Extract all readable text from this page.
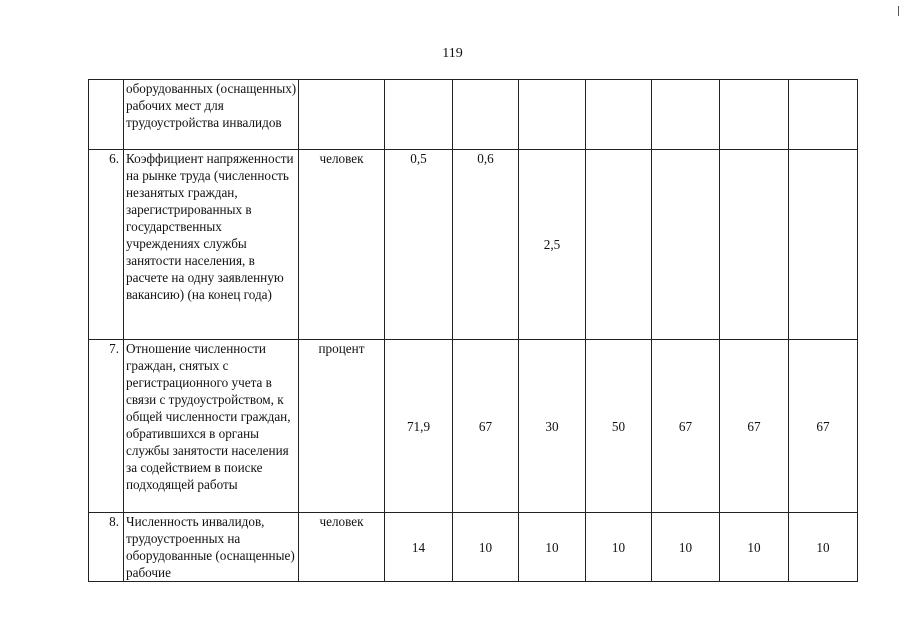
119
	оборудованных (оснащенных) рабочих мест для трудоустройства инвалидов								
6.	Коэффициент напряженности на рынке труда (численность незанятых граждан, зарегистрированных в государственных учреждениях службы занятости населения, в расчете на одну заявленную вакансию) (на конец года)	человек	0,5	0,6	2,5				
7.	Отношение численности граждан, снятых с регистрационного учета в связи с трудоустройством, к общей численности граждан, обратившихся в органы службы занятости населения за содействием в поиске подходящей работы	процент	71,9	67	30	50	67	67	67
8.	Численность инвалидов, трудоустроенных на оборудованные (оснащенные) рабочие	человек	14	10	10	10	10	10	10
